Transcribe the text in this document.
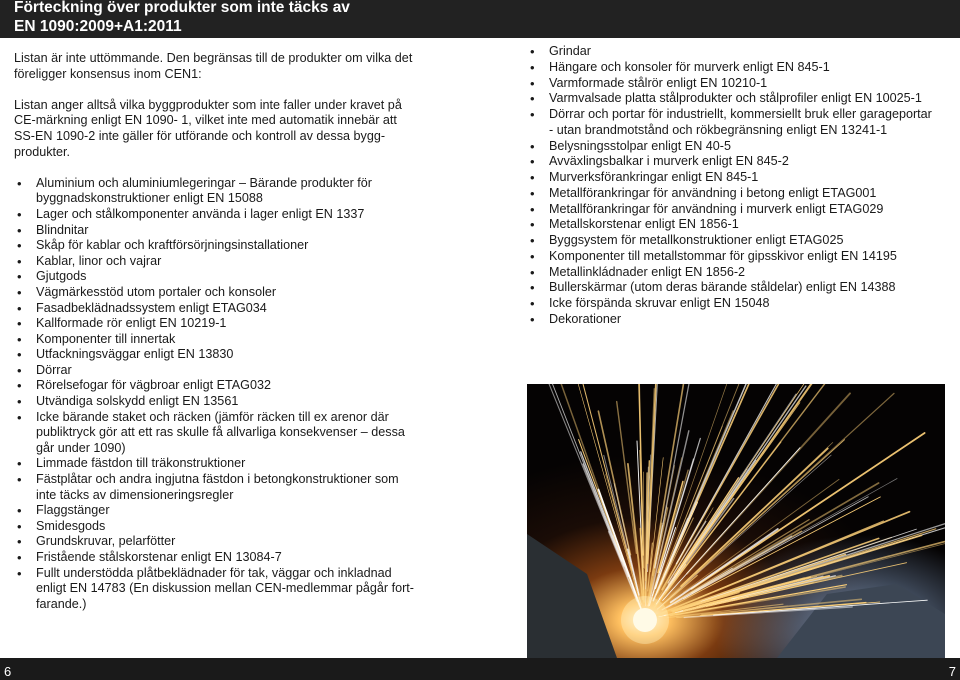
Förteckning över produkter som inte täcks av
EN 1090:2009+A1:2011

Listan är inte uttömmande. Den begränsas till de produkter om vilka det föreligger konsensus inom CEN1:

Listan anger alltså vilka byggprodukter som inte faller under kravet på CE-märkning enligt EN 1090- 1, vilket inte med automatik innebär att SS-EN 1090-2 inte gäller för utförande och kontroll av dessa bygg-produkter.

• Aluminium och aluminiumlegeringar – Bärande produkter för byggnadskonstruktioner enligt EN 15088
• Lager och stålkomponenter använda i lager enligt EN 1337
• Blindnitar
• Skåp för kablar och kraftförsörjningsinstallationer
• Kablar, linor och vajrar
• Gjutgods
• Vägmärkesstöd utom portaler och konsoler
• Fasadbeklädnadssystem enligt ETAG034
• Kallformade rör enligt EN 10219-1
• Komponenter till innertak
• Utfackningsväggar enligt EN 13830
• Dörrar
• Rörelsefogar för vägbroar enligt ETAG032
• Utvändiga solskydd enligt EN 13561
• Icke bärande staket och räcken (jämför räcken till ex arenor där publiktryck gör att ett ras skulle få allvarliga konsekvenser – dessa går under 1090)
• Limmade fästdon till träkonstruktioner
• Fästplåtar och andra ingjutna fästdon i betongkonstruktioner som inte täcks av dimensioneringsregler
• Flaggstänger
• Smidesgods
• Grundskruvar, pelarfötter
• Fristående stålskorstenar enligt EN 13084-7
• Fullt understödda plåtbeklädnader för tak, väggar och inkladnad enligt EN 14783 (En diskussion mellan CEN-medlemmar pågår fort-farande.)
• Grindar
• Hängare och konsoler för murverk enligt EN 845-1
• Varmformade stålrör enligt EN 10210-1
• Varmvalsade platta stålprodukter och stålprofiler enligt EN 10025-1
• Dörrar och portar för industriellt, kommersiellt bruk eller garageportar - utan brandmotstånd och rökbegränsning enligt EN 13241-1
• Belysningsstolpar enligt EN 40-5
• Avväxlingsbalkar i murverk enligt EN 845-2
• Murverksförankringar enligt EN 845-1
• Metallförankringar för användning i betong enligt ETAG001
• Metallförankringar för användning i murverk enligt ETAG029
• Metallskorstenar enligt EN 1856-1
• Byggsystem för metallkonstruktioner enligt ETAG025
• Komponenter till metallstommar för gipsskivor enligt EN 14195
• Metallinkládnader enligt EN 1856-2
• Bullerskärmar (utom deras bärande ståldelar) enligt EN 14388
• Icke förspända skruvar enligt EN 15048
• Dekorationer
6	7
